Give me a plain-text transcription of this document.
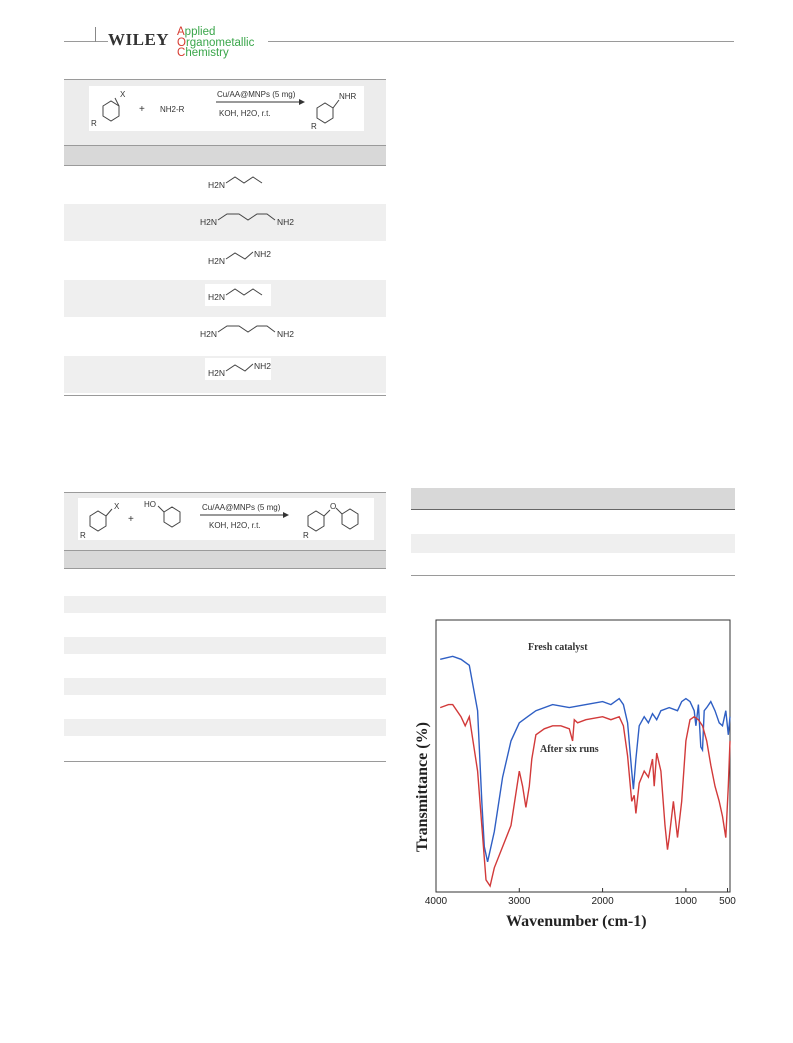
WILEY Applied
Organometallic
Chemistry
X
R
+ NH2-R
Cu/AA@MNPs (5 mg)
KOH, H2O, r.t.
NHR
R
H2N
H2N	NH2
H2N
NH2
H2N
H2N	NH2
H2N
NH2
X
R
+
HO	Cu/AA@MNPs (5 mg)
KOH, H2O, r.t.
O
R
4000	3000	2000	1000 500
Fresh catalyst
After six runs
Transmittance (%)
Wavenumber (cm-1)
